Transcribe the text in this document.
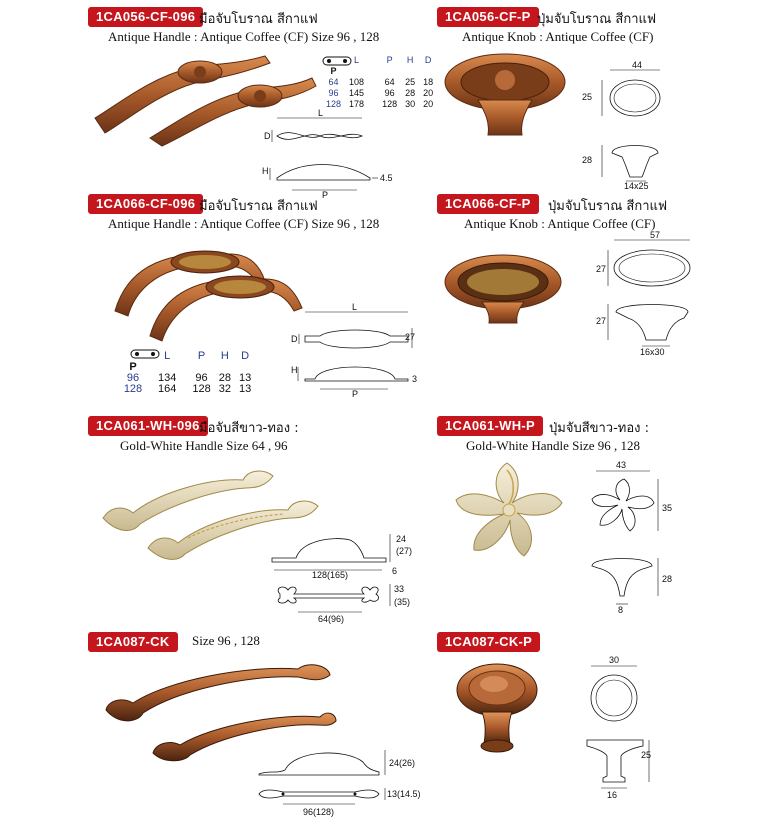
1CA056-CF-096 มือจับโบราณ สีกาแฟ
Antique Handle : Antique Coffee (CF) Size 96 , 128
	L	P	H	D
P				
64	108	64	25	18
96	145	96	28	20
128	178	128	30	20
L
D
H
P
4.5
1CA056-CF-P ปุ่มจับโบราณ สีกาแฟ
Antique Knob : Antique Coffee (CF)
44
25
28
14x25
1CA066-CF-096 มือจับโบราณ สีกาแฟ
Antique Handle : Antique Coffee (CF) Size 96 , 128
	L	P	H	D
P				
96	134	96	28	13
128	164	128	32	13
L
D	27
H
P
3
1CA066-CF-P	ปุ่มจับโบราณ สีกาแฟ
Antique Knob : Antique Coffee (CF)
57
27
27
16x30
1CA061-WH-096 มือจับสีขาว-ทอง :
Gold-White Handle Size 64 , 96
24
(27)
128(165)	6
33
(35)
64(96)
1CA061-WH-P	ปุ่มจับสีขาว-ทอง :
Gold-White Handle Size 96 , 128
43
35
28
8
1CA087-CK	Size 96 , 128
24(26)
13(14.5)
96(128)
1CA087-CK-P
30
25
16
